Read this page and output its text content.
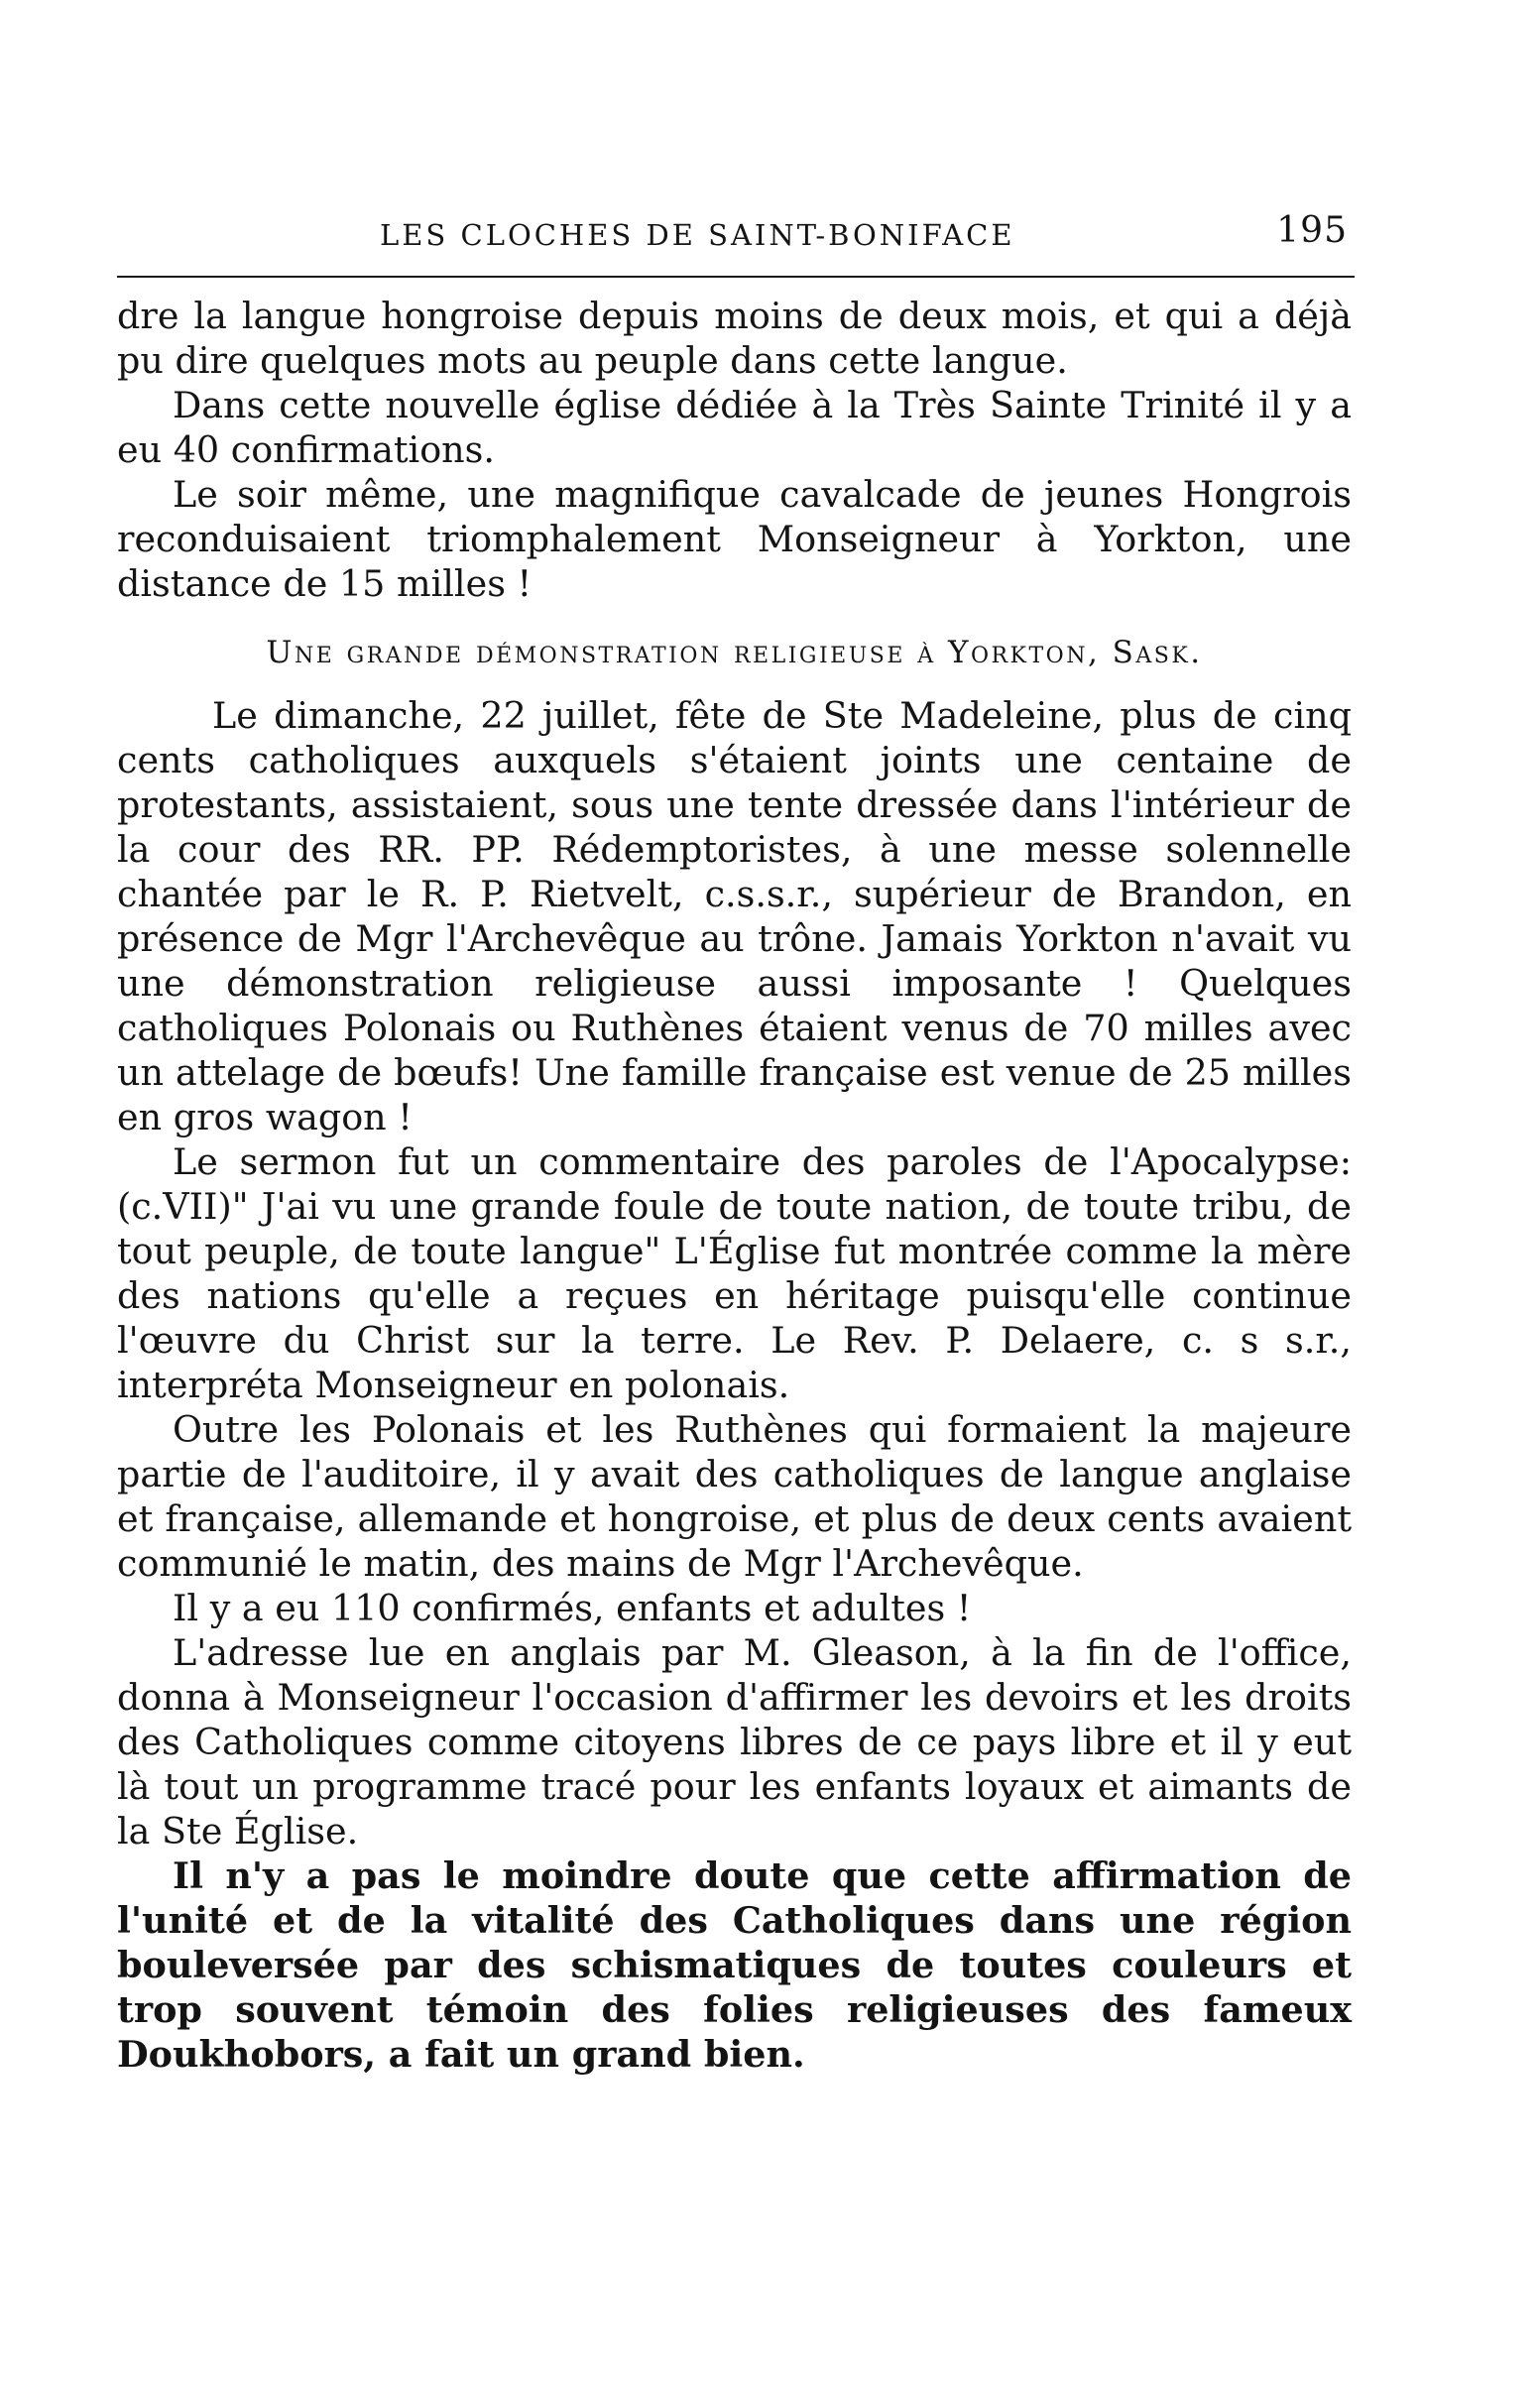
LES CLOCHES DE SAINT-BONIFACE	195

dre la langue hongroise depuis moins de deux mois, et qui a déjà pu dire quelques mots au peuple dans cette langue.

Dans cette nouvelle église dédiée à la Très Sainte Trinité il y a eu 40 confirmations.

Le soir même, une magnifique cavalcade de jeunes Hongrois reconduisaient triomphalement Monseigneur à Yorkton, une distance de 15 milles !

Une grande démonstration religieuse à Yorkton, Sask.

Le dimanche, 22 juillet, fête de Ste Madeleine, plus de cinq cents catholiques auxquels s'étaient joints une centaine de protestants, assistaient, sous une tente dressée dans l'intérieur de la cour des RR. PP. Rédemptoristes, à une messe solennelle chantée par le R. P. Rietvelt, c.s.s.r., supérieur de Brandon, en présence de Mgr l'Archevêque au trône. Jamais Yorkton n'avait vu une démonstration religieuse aussi imposante ! Quelques catholiques Polonais ou Ruthènes étaient venus de 70 milles avec un attelage de bœufs! Une famille française est venue de 25 milles en gros wagon !

Le sermon fut un commentaire des paroles de l'Apocalypse: (c.VII)" J'ai vu une grande foule de toute nation, de toute tribu, de tout peuple, de toute langue" L'Église fut montrée comme la mère des nations qu'elle a reçues en héritage puisqu'elle continue l'œuvre du Christ sur la terre. Le Rev. P. Delaere, c. s s.r., interpréta Monseigneur en polonais.

Outre les Polonais et les Ruthènes qui formaient la majeure partie de l'auditoire, il y avait des catholiques de langue anglaise et française, allemande et hongroise, et plus de deux cents avaient communié le matin, des mains de Mgr l'Archevêque.

Il y a eu 110 confirmés, enfants et adultes !

L'adresse lue en anglais par M. Gleason, à la fin de l'office, donna à Monseigneur l'occasion d'affirmer les devoirs et les droits des Catholiques comme citoyens libres de ce pays libre et il y eut là tout un programme tracé pour les enfants loyaux et aimants de la Ste Église.

Il n'y a pas le moindre doute que cette affirmation de l'unité et de la vitalité des Catholiques dans une région bouleversée par des schismatiques de toutes couleurs et trop souvent témoin des folies religieuses des fameux Doukhobors, a fait un grand bien.
